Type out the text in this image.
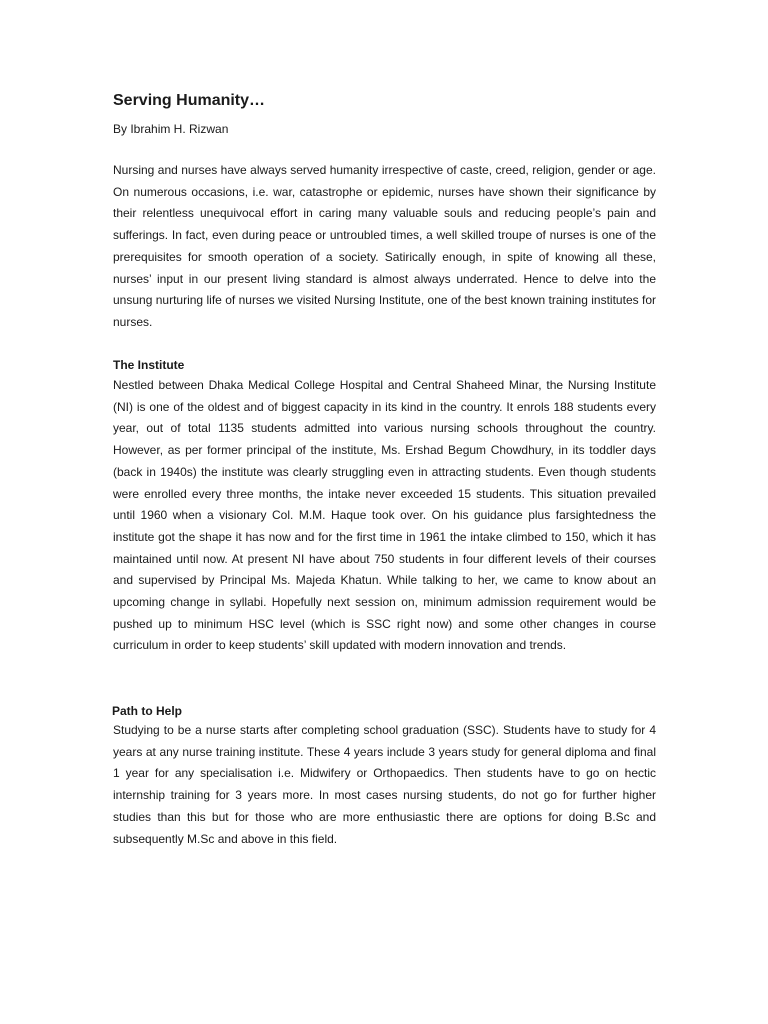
Serving Humanity…

By Ibrahim H. Rizwan

Nursing and nurses have always served humanity irrespective of caste, creed, religion, gender or age. On numerous occasions, i.e. war, catastrophe or epidemic, nurses have shown their significance by their relentless unequivocal effort in caring many valuable souls and reducing people’s pain and sufferings. In fact, even during peace or untroubled times, a well skilled troupe of nurses is one of the prerequisites for smooth operation of a society. Satirically enough, in spite of knowing all these, nurses’ input in our present living standard is almost always underrated. Hence to delve into the unsung nurturing life of nurses we visited Nursing Institute, one of the best known training institutes for nurses.

The Institute

Nestled between Dhaka Medical College Hospital and Central Shaheed Minar, the Nursing Institute (NI) is one of the oldest and of biggest capacity in its kind in the country. It enrols 188 students every year, out of total 1135 students admitted into various nursing schools throughout the country. However, as per former principal of the institute, Ms. Ershad Begum Chowdhury, in its toddler days (back in 1940s) the institute was clearly struggling even in attracting students. Even though students were enrolled every three months, the intake never exceeded 15 students. This situation prevailed until 1960 when a visionary Col. M.M. Haque took over. On his guidance plus farsightedness the institute got the shape it has now and for the first time in 1961 the intake climbed to 150, which it has maintained until now. At present NI have about 750 students in four different levels of their courses and supervised by Principal Ms. Majeda Khatun. While talking to her, we came to know about an upcoming change in syllabi. Hopefully next session on, minimum admission requirement would be pushed up to minimum HSC level (which is SSC right now) and some other changes in course curriculum in order to keep students’ skill updated with modern innovation and trends.

Path to Help

Studying to be a nurse starts after completing school graduation (SSC). Students have to study for 4 years at any nurse training institute. These 4 years include 3 years study for general diploma and final 1 year for any specialisation i.e. Midwifery or Orthopaedics. Then students have to go on hectic internship training for 3 years more. In most cases nursing students, do not go for further higher studies than this but for those who are more enthusiastic there are options for doing B.Sc and subsequently M.Sc and above in this field.
